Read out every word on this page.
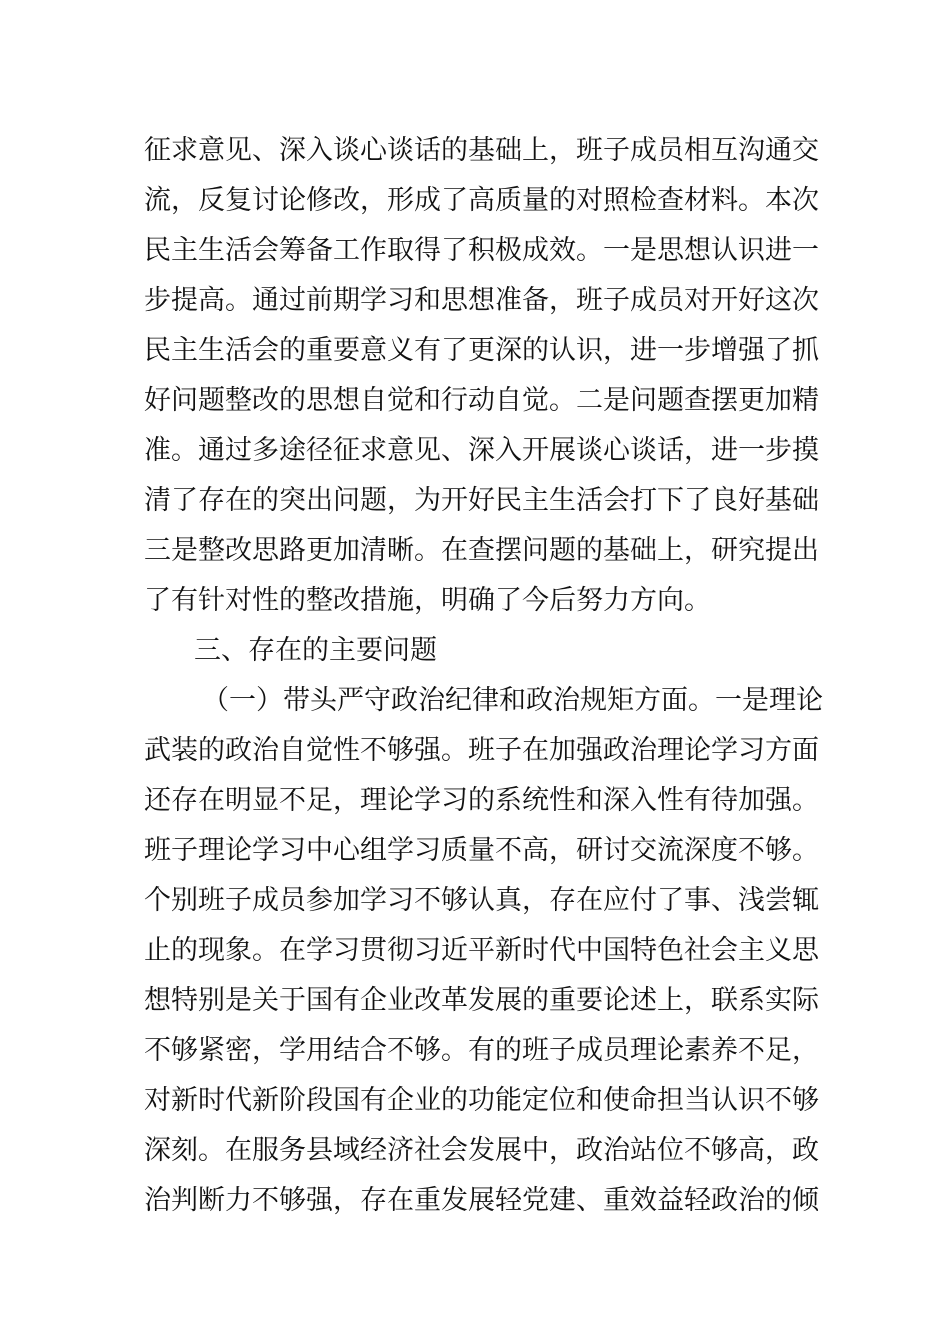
征求意见、深入谈心谈话的基础上，班子成员相互沟通交
流，反复讨论修改，形成了高质量的对照检查材料。本次
民主生活会筹备工作取得了积极成效。一是思想认识进一
步提高。通过前期学习和思想准备，班子成员对开好这次
民主生活会的重要意义有了更深的认识，进一步增强了抓
好问题整改的思想自觉和行动自觉。二是问题查摆更加精
准。通过多途径征求意见、深入开展谈心谈话，进一步摸
清了存在的突出问题，为开好民主生活会打下了良好基础
三是整改思路更加清晰。在查摆问题的基础上，研究提出
了有针对性的整改措施，明确了今后努力方向。
三、存在的主要问题
（一）带头严守政治纪律和政治规矩方面。一是理论
武装的政治自觉性不够强。班子在加强政治理论学习方面
还存在明显不足，理论学习的系统性和深入性有待加强。
班子理论学习中心组学习质量不高，研讨交流深度不够。
个别班子成员参加学习不够认真，存在应付了事、浅尝辄
止的现象。在学习贯彻习近平新时代中国特色社会主义思
想特别是关于国有企业改革发展的重要论述上，联系实际
不够紧密，学用结合不够。有的班子成员理论素养不足，
对新时代新阶段国有企业的功能定位和使命担当认识不够
深刻。在服务县域经济社会发展中，政治站位不够高，政
治判断力不够强，存在重发展轻党建、重效益轻政治的倾
